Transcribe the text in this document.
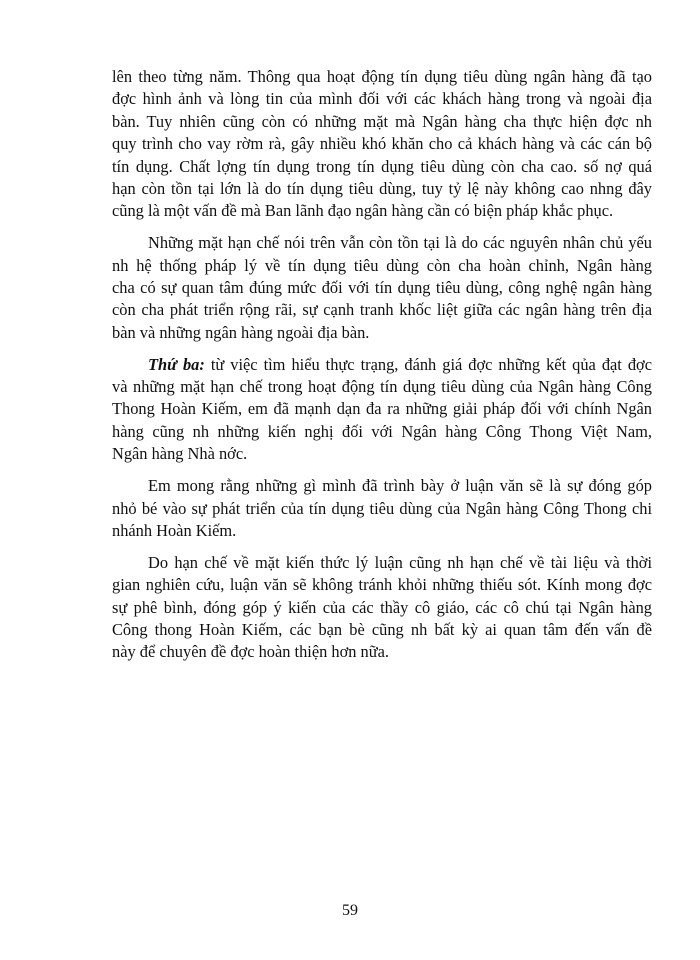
lên theo từng năm. Thông qua hoạt động tín dụng tiêu dùng ngân hàng đã tạo
đợc hình ảnh và lòng tin của mình đối với các khách hàng trong và ngoài địa
bàn. Tuy nhiên cũng còn có những mặt mà Ngân hàng cha thực hiện đợc nh
quy trình cho vay rờm rà, gây nhiều khó khăn cho cả khách hàng và các cán bộ
tín dụng. Chất lợng tín dụng trong tín dụng tiêu dùng còn cha cao. số nợ quá
hạn còn tồn tại lớn là do tín dụng tiêu dùng, tuy tỷ lệ này không cao nhng đây
cũng là một vấn đề mà Ban lãnh đạo ngân hàng cần có biện pháp khắc phục.
Những mặt hạn chế nói trên vẫn còn tồn tại là do các nguyên nhân chủ yếu
nh hệ thống pháp lý về tín dụng tiêu dùng còn cha hoàn chỉnh, Ngân hàng
cha có sự quan tâm đúng mức đối với tín dụng tiêu dùng, công nghệ ngân hàng
còn cha phát triển rộng rãi, sự cạnh tranh khốc liệt giữa các ngân hàng trên địa
bàn và những ngân hàng ngoài địa bàn.
Thứ ba: từ việc tìm hiểu thực trạng, đánh giá đợc những kết qủa đạt đợc
và những mặt hạn chế trong hoạt động tín dụng tiêu dùng của Ngân hàng Công
Thong Hoàn Kiếm, em đã mạnh dạn đa ra những giải pháp đối với chính Ngân
hàng cũng nh những kiến nghị đối với Ngân hàng Công Thong Việt Nam,
Ngân hàng Nhà nớc.
Em mong rằng những gì mình đã trình bày ở luận văn sẽ là sự đóng góp
nhỏ bé vào sự phát triển của tín dụng tiêu dùng của Ngân hàng Công Thong chi
nhánh Hoàn Kiếm.
Do hạn chế về mặt kiến thức lý luận cũng nh hạn chế về tài liệu và thời
gian nghiên cứu, luận văn sẽ không tránh khỏi những thiếu sót. Kính mong đợc
sự phê bình, đóng góp ý kiến của các thầy cô giáo, các cô chú tại Ngân hàng
Công thong Hoàn Kiếm, các bạn bè cũng nh bất kỳ ai quan tâm đến vấn đề
này để chuyên đề đợc hoàn thiện hơn nữa.
59
